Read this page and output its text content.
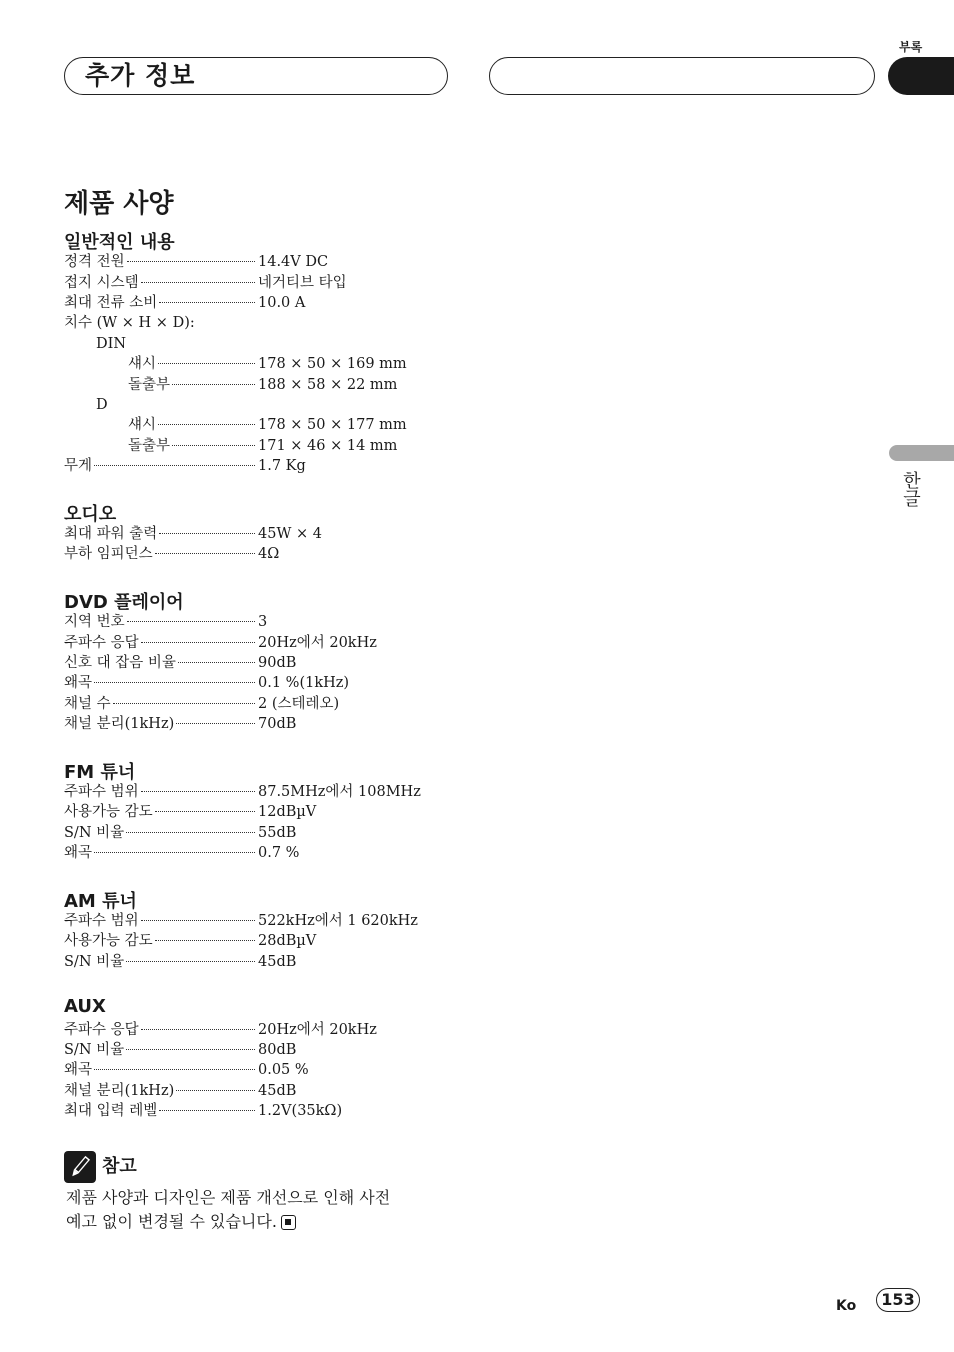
부록
추가 정보
한글
제품 사양
일반적인 내용
정격 전원	14.4V DC
접지 시스템	네거티브 타입
최대 전류 소비	10.0 A
치수 (W × H × D):
DIN
섀시	178 × 50 × 169 mm
돌출부	188 × 58 × 22 mm
D
섀시	178 × 50 × 177 mm
돌출부	171 × 46 × 14 mm
무게	1.7 Kg
오디오
최대 파워 출력	45W × 4
부하 임피던스	4Ω
DVD 플레이어
지역 번호	3
주파수 응답	20Hz에서 20kHz
신호 대 잡음 비율	90dB
왜곡	0.1 %(1kHz)
채널 수	2 (스테레오)
채널 분리(1kHz)	70dB
FM 튜너
주파수 범위	87.5MHz에서 108MHz
사용가능 감도	12dBµV
S/N 비율	55dB
왜곡	0.7 %
AM 튜너
주파수 범위	522kHz에서 1 620kHz
사용가능 감도	28dBµV
S/N 비율	45dB
AUX
주파수 응답	20Hz에서 20kHz
S/N 비율	80dB
왜곡	0.05 %
채널 분리(1kHz)	45dB
최대 입력 레벨	1.2V(35kΩ)
참고
제품 사양과 디자인은 제품 개선으로 인해 사전
예고 없이 변경될 수 있습니다.
Ko	153
